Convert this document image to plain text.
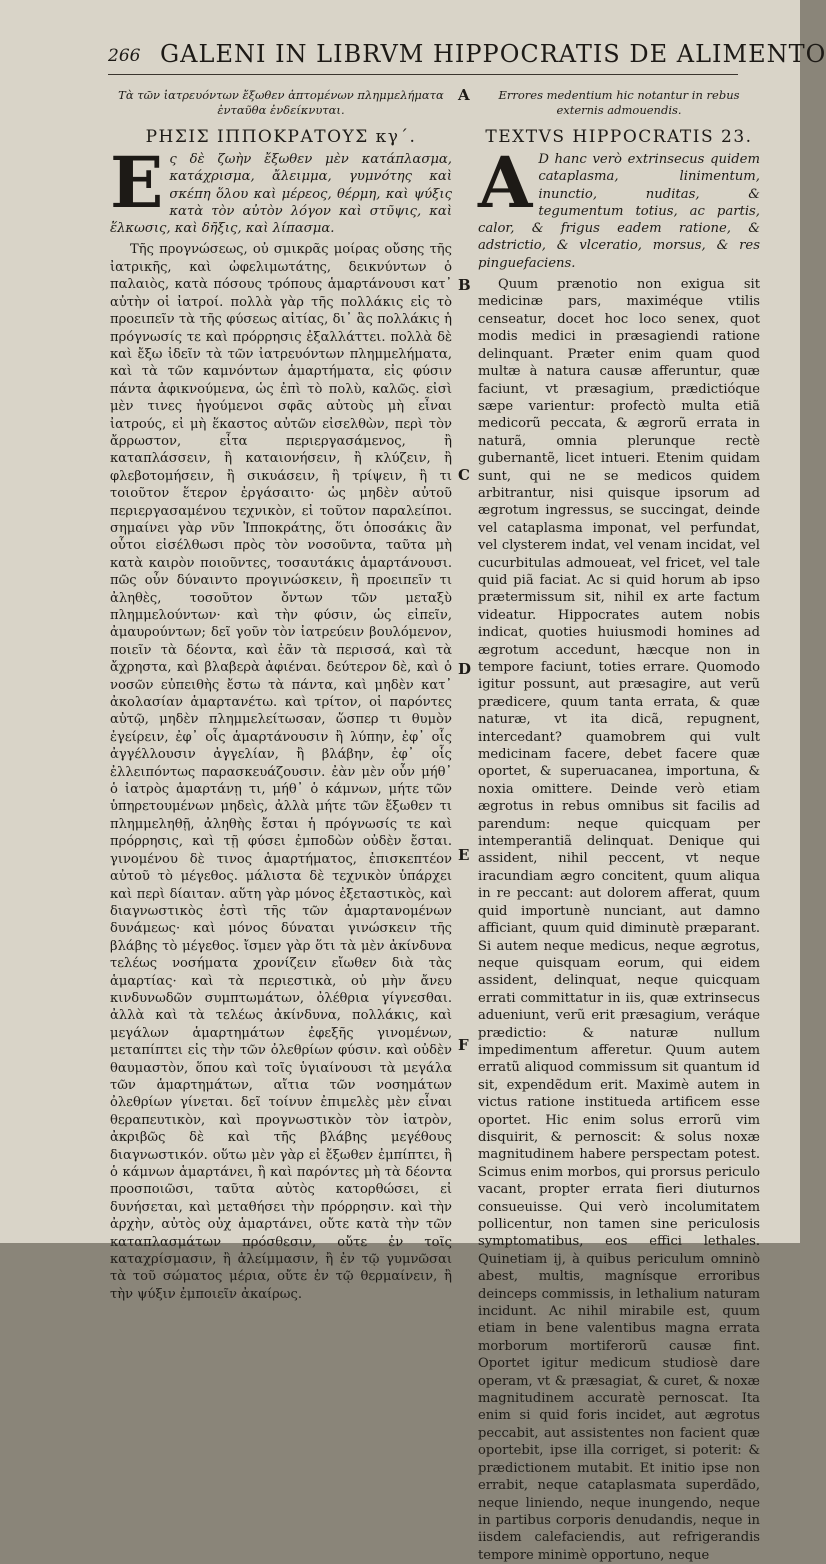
266 GALENI IN LIBRVM HIPPOCRATIS DE ALIMENTO
A
B
C
D
E
F
Τὰ τῶν ἰατρευόντων ἔξωθεν ἁπτομένων πλημμελήματα ἐνταῦθα ἐνδείκνυται.
ΡΗΣΙΣ ΙΠΠΟΚΡΑΤΟΥΣ κγ΄.
Ε ς δὲ ζωὴν ἔξωθεν μὲν κατάπλασμα, κατάχρισμα, ἄλειμμα, γυμνότης καὶ σκέπη ὅλου καὶ μέρεος, θέρμη, καὶ ψύξις κατὰ τὸν αὐτὸν λόγον καὶ στῦψις, καὶ ἕλκωσις, καὶ δῆξις, καὶ λίπασμα.
Τῆς προγνώσεως, οὐ σμικρᾶς μοίρας οὔσης τῆς ἰατρικῆς, καὶ ὠφελιμωτάτης, δεικνύντων ὁ παλαιὸς, κατὰ πόσους τρόπους ἁμαρτάνουσι κατ᾽ αὐτὴν οἱ ἰατροί. πολλὰ γὰρ τῆς πολλάκις εἰς τὸ προειπεῖν τὰ τῆς φύσεως αἰτίας, δι᾽ ἃς πολλάκις ἡ πρόγνωσίς τε καὶ πρόρρησις ἐξαλλάττει. πολλὰ δὲ καὶ ἔξω ἰδεῖν τὰ τῶν ἰατρευόντων πλημμελήματα, καὶ τὰ τῶν καμνόντων ἁμαρτήματα, εἰς φύσιν πάντα ἀφικνούμενα, ὡς ἐπὶ τὸ πολὺ, καλῶς. εἰσὶ μὲν τινες ἡγούμενοι σφᾶς αὐτοὺς μὴ εἶναι ἰατρούς, εἰ μὴ ἕκαστος αὐτῶν εἰσελθὼν, περὶ τὸν ἄρρωστον, εἶτα περιεργασάμενος, ἢ καταπλάσσειν, ἢ καταιονήσειν, ἢ κλύζειν, ἢ φλεβοτομήσειν, ἢ σικυάσειν, ἢ τρίψειν, ἢ τι τοιοῦτον ἕτερον ἐργάσαιτο· ὡς μηδὲν αὐτοῦ περιεργασαμένου τεχνικὸν, εἰ τοῦτον παραλείποι. σημαίνει γὰρ νῦν Ἱπποκράτης, ὅτι ὁποσάκις ἂν οὗτοι εἰσέλθωσι πρὸς τὸν νοσοῦντα, ταῦτα μὴ κατὰ καιρὸν ποιοῦντες, τοσαυτάκις ἁμαρτάνουσι. πῶς οὖν δύναιντο προγινώσκειν, ἢ προειπεῖν τι ἀληθὲς, τοσοῦτον ὄντων τῶν μεταξὺ πλημμελούντων· καὶ τὴν φύσιν, ὡς εἰπεῖν, ἀμαυρούντων; δεῖ γοῦν τὸν ἰατρεύειν βουλόμενον, ποιεῖν τὰ δέοντα, καὶ ἐᾶν τὰ περισσά, καὶ τὰ ἄχρηστα, καὶ βλαβερὰ ἀφιέναι. δεύτερον δὲ, καὶ ὁ νοσῶν εὐπειθὴς ἔστω τὰ πάντα, καὶ μηδὲν κατ᾽ ἀκολασίαν ἁμαρτανέτω. καὶ τρίτον, οἱ παρόντες αὐτῷ, μηδὲν πλημμελείτωσαν, ὥσπερ τι θυμὸν ἐγείρειν, ἐφ᾽ οἷς ἁμαρτάνουσιν ἢ λύπην, ἐφ᾽ οἷς ἀγγέλλουσιν ἀγγελίαν, ἢ βλάβην, ἐφ᾽ οἷς ἐλλειπόντως παρασκευάζουσιν. ἐὰν μὲν οὖν μήθ᾽ ὁ ἰατρὸς ἁμαρτάνῃ τι, μήθ᾽ ὁ κάμνων, μήτε τῶν ὑπηρετουμένων μηδεὶς, ἀλλὰ μήτε τῶν ἔξωθεν τι πλημμεληθῇ, ἀληθὴς ἔσται ἡ πρόγνωσίς τε καὶ πρόρρησις, καὶ τῇ φύσει ἐμποδὼν οὐδὲν ἔσται. γινομένου δὲ τινος ἁμαρτήματος, ἐπισκεπτέον αὐτοῦ τὸ μέγεθος. μάλιστα δὲ τεχνικὸν ὑπάρχει καὶ περὶ δίαιταν. αὕτη γὰρ μόνος ἐξεταστικὸς, καὶ διαγνωστικὸς ἐστὶ τῆς τῶν ἁμαρτανομένων δυνάμεως· καὶ μόνος δύναται γινώσκειν τῆς βλάβης τὸ μέγεθος. ἴσμεν γὰρ ὅτι τὰ μὲν ἀκίνδυνα τελέως νοσήματα χρονίζειν εἴωθεν διὰ τὰς ἁμαρτίας· καὶ τὰ περιεστικὰ, οὐ μὴν ἄνευ κινδυνωδῶν συμπτωμάτων, ὀλέθρια γίγνεσθαι. ἀλλὰ καὶ τὰ τελέως ἀκίνδυνα, πολλάκις, καὶ μεγάλων ἁμαρτημάτων ἐφεξῆς γινομένων, μεταπίπτει εἰς τὴν τῶν ὀλεθρίων φύσιν. καὶ οὐδὲν θαυμαστὸν, ὅπου καὶ τοῖς ὑγιαίνουσι τὰ μεγάλα τῶν ἁμαρτημάτων, αἴτια τῶν νοσημάτων ὀλεθρίων γίνεται. δεῖ τοίνυν ἐπιμελὲς μὲν εἶναι θεραπευτικὸν, καὶ προγνωστικὸν τὸν ἰατρὸν, ἀκριβῶς δὲ καὶ τῆς βλάβης μεγέθους διαγνωστικόν. οὕτω μὲν γὰρ εἰ ἔξωθεν ἐμπίπτει, ἢ ὁ κάμνων ἁμαρτάνει, ἢ καὶ παρόντες μὴ τὰ δέοντα προσποιῶσι, ταῦτα αὐτὸς κατορθώσει, εἰ δυνήσεται, καὶ μεταθήσει τὴν πρόρρησιν. καὶ τὴν ἀρχὴν, αὐτὸς οὐχ ἁμαρτάνει, οὔτε κατὰ τὴν τῶν καταπλασμάτων πρόσθεσιν, οὔτε ἐν τοῖς καταχρίσμασιν, ἢ ἀλείμμασιν, ἢ ἐν τῷ γυμνῶσαι τὰ τοῦ σώματος μέρια, οὔτε ἐν τῷ θερμαίνειν, ἢ τὴν ψύξιν ἐμποιεῖν ἀκαίρως.
Errores medentium hic notantur in rebus externis admouendis.
TEXTVS HIPPOCRATIS 23.
A D hanc verò extrinsecus quidem cataplasma, linimentum, inunctio, nuditas, & tegumentum totius, ac partis, calor, & frigus eadem ratione, & adstrictio, & vlceratio, morsus, & res pinguefaciens.
Quum prænotio non exigua sit medicinæ pars, maximéque vtilis censeatur, docet hoc loco senex, quot modis medici in præsagiendi ratione delinquant. Præter enim quam quod multæ à natura causæ afferuntur, quæ faciunt, vt præsagium, prædictióque sæpe varientur: profectò multa etiã medicorũ peccata, & ægrorũ errata in naturã, omnia plerunque rectè gubernantẽ, licet intueri. Etenim quidam sunt, qui ne se medicos quidem arbitrantur, nisi quisque ipsorum ad ægrotum ingressus, se succingat, deinde vel cataplasma imponat, vel perfundat, vel clysterem indat, vel venam incidat, vel cucurbitulas admoueat, vel fricet, vel tale quid piã faciat. Ac si quid horum ab ipso prætermissum sit, nihil ex arte factum videatur. Hippocrates autem nobis indicat, quoties huiusmodi homines ad ægrotum accedunt, hæcque non in tempore faciunt, toties errare. Quomodo igitur possunt, aut præsagire, aut verũ prædicere, quum tanta errata, & quæ naturæ, vt ita dicã, repugnent, intercedant? quamobrem qui vult medicinam facere, debet facere quæ oportet, & superuacanea, importuna, & noxia omittere. Deinde verò etiam ægrotus in rebus omnibus sit facilis ad parendum: neque quicquam per intemperantiã delinquat. Denique qui assident, nihil peccent, vt neque iracundiam ægro concitent, quum aliqua in re peccant: aut dolorem afferat, quum quid importunè nunciant, aut damno afficiant, quum quid diminutè præparant. Si autem neque medicus, neque ægrotus, neque quisquam eorum, qui eidem assident, delinquat, neque quicquam errati committatur in iis, quæ extrinsecus adueniunt, verũ erit præsagium, veráque prædictio: & naturæ nullum impedimentum afferetur. Quum autem erratũ aliquod commissum sit quantum id sit, expendẽdum erit. Maximè autem in victus ratione institueda artificem esse oportet. Hic enim solus errorũ vim disquirit, & pernoscit: & solus noxæ magnitudinem habere perspectam potest. Scimus enim morbos, qui prorsus periculo vacant, propter errata fieri diuturnos consueuisse. Qui verò incolumitatem pollicentur, non tamen sine periculosis symptomatibus, eos effici lethales. Quinetiam ij, à quibus periculum omninò abest, multis, magnísque erroribus deinceps commissis, in lethalium naturam incidunt. Ac nihil mirabile est, quum etiam in bene valentibus magna errata morborum mortiferorũ causæ fint. Oportet igitur medicum studiosè dare operam, vt & præsagiat, & curet, & noxæ magnitudinem accuratè pernoscat. Ita enim si quid foris incidet, aut ægrotus peccabit, aut assistentes non facient quæ oportebit, ipse illa corriget, si poterit: & prædictionem mutabit. Et initio ipse non errabit, neque cataplasmata superdãdo, neque liniendo, neque inungendo, neque in partibus corporis denudandis, neque in iisdem calefaciendis, aut refrigerandis tempore minimè opportuno, neque
